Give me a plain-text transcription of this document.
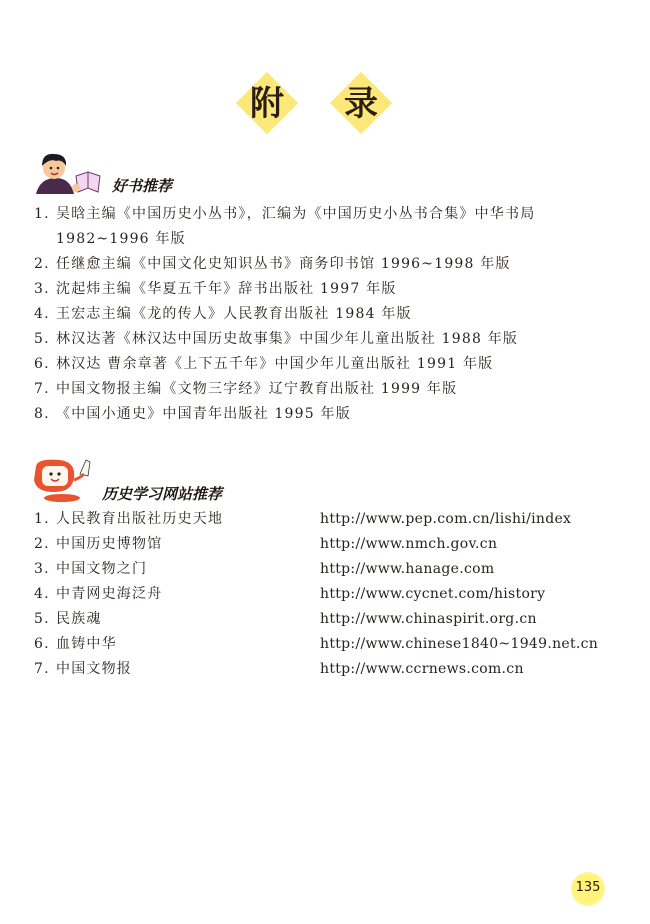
附	录
好书推荐
1. 吴晗主编《中国历史小丛书》，汇编为《中国历史小丛书合集》中华书局
1982~1996 年版
2. 任继愈主编《中国文化史知识丛书》商务印书馆 1996~1998 年版
3. 沈起炜主编《华夏五千年》辞书出版社 1997 年版
4. 王宏志主编《龙的传人》人民教育出版社 1984 年版
5. 林汉达著《林汉达中国历史故事集》中国少年儿童出版社 1988 年版
6. 林汉达 曹余章著《上下五千年》中国少年儿童出版社 1991 年版
7. 中国文物报主编《文物三字经》辽宁教育出版社 1999 年版
8. 《中国小通史》中国青年出版社 1995 年版
历史学习网站推荐
1. 人民教育出版社历史天地	http://www.pep.com.cn/lishi/index
2. 中国历史博物馆	http://www.nmch.gov.cn
3. 中国文物之门	http://www.hanage.com
4. 中青网史海泛舟	http://www.cycnet.com/history
5. 民族魂	http://www.chinaspirit.org.cn
6. 血铸中华	http://www.chinese1840~1949.net.cn
7. 中国文物报	http://www.ccrnews.com.cn
135
